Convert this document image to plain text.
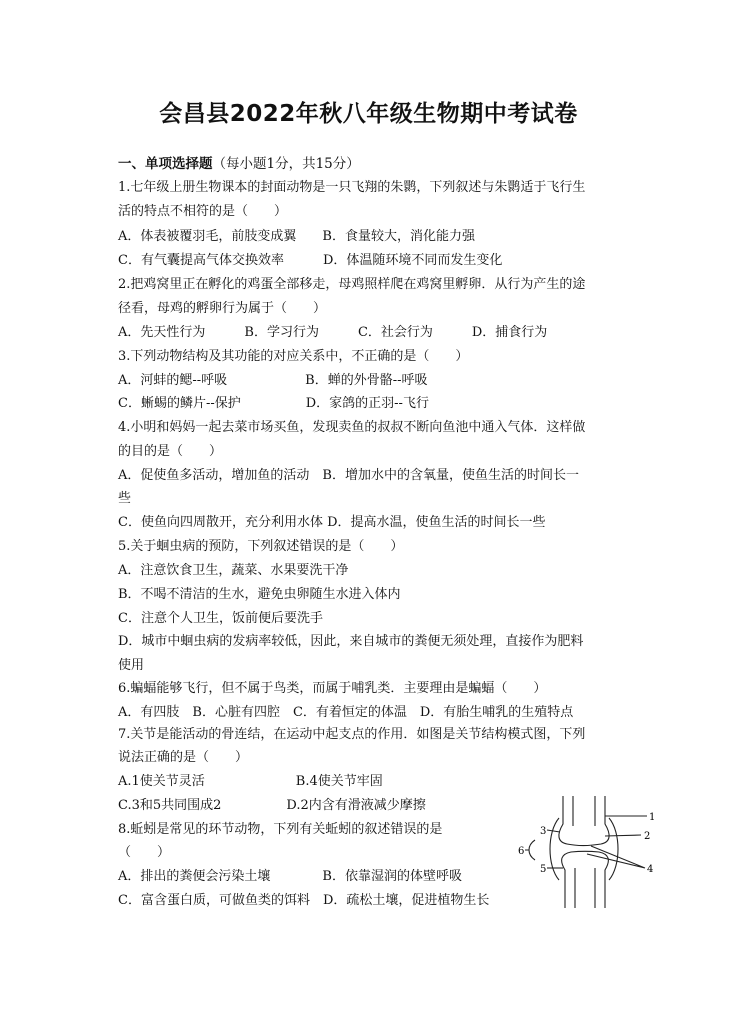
会昌县2022年秋八年级生物期中考试卷
一、单项选择题（每小题1分，共15分）
1.七年级上册生物课本的封面动物是一只飞翔的朱鹮，下列叙述与朱鹮适于飞行生
活的特点不相符的是（　　）
A．体表被覆羽毛，前肢变成翼　　B．食量较大，消化能力强
C．有气囊提高气体交换效率　　　D．体温随环境不同而发生变化
2.把鸡窝里正在孵化的鸡蛋全部移走，母鸡照样爬在鸡窝里孵卵．从行为产生的途
径看，母鸡的孵卵行为属于（　　）
A．先天性行为　　　B．学习行为　　　C．社会行为　　　D．捕食行为
3.下列动物结构及其功能的对应关系中，不正确的是（　　）
A．河蚌的鳃--呼吸　　　　　　B．蝉的外骨骼--呼吸
C．蜥蜴的鳞片--保护　　　　　D．家鸽的正羽--飞行
4.小明和妈妈一起去菜市场买鱼，发现卖鱼的叔叔不断向鱼池中通入气体．这样做
的目的是（　　）
A．促使鱼多活动，增加鱼的活动　B．增加水中的含氧量，使鱼生活的时间长一
些
C．使鱼向四周散开，充分利用水体 D．提高水温，使鱼生活的时间长一些
5.关于蛔虫病的预防，下列叙述错误的是（　　）
A．注意饮食卫生，蔬菜、水果要洗干净
B．不喝不清洁的生水，避免虫卵随生水进入体内
C．注意个人卫生，饭前便后要洗手
D．城市中蛔虫病的发病率较低，因此，来自城市的粪便无须处理，直接作为肥料
使用
6.蝙蝠能够飞行，但不属于鸟类，而属于哺乳类．主要理由是蝙蝠（　　）
A．有四肢　B．心脏有四腔　C．有着恒定的体温　D．有胎生哺乳的生殖特点
7.关节是能活动的骨连结，在运动中起支点的作用．如图是关节结构模式图，下列
说法正确的是（　　）
A.1使关节灵活　　　　　　　B.4使关节牢固
C.3和5共同围成2　　　　　D.2内含有滑液减少摩擦
8.蚯蚓是常见的环节动物，下列有关蚯蚓的叙述错误的是
（　　）
A．排出的粪便会污染土壤　　　　B．依靠湿润的体壁呼吸
C．富含蛋白质，可做鱼类的饵料　D．疏松土壤，促进植物生长
1
2
3
4
5
6
